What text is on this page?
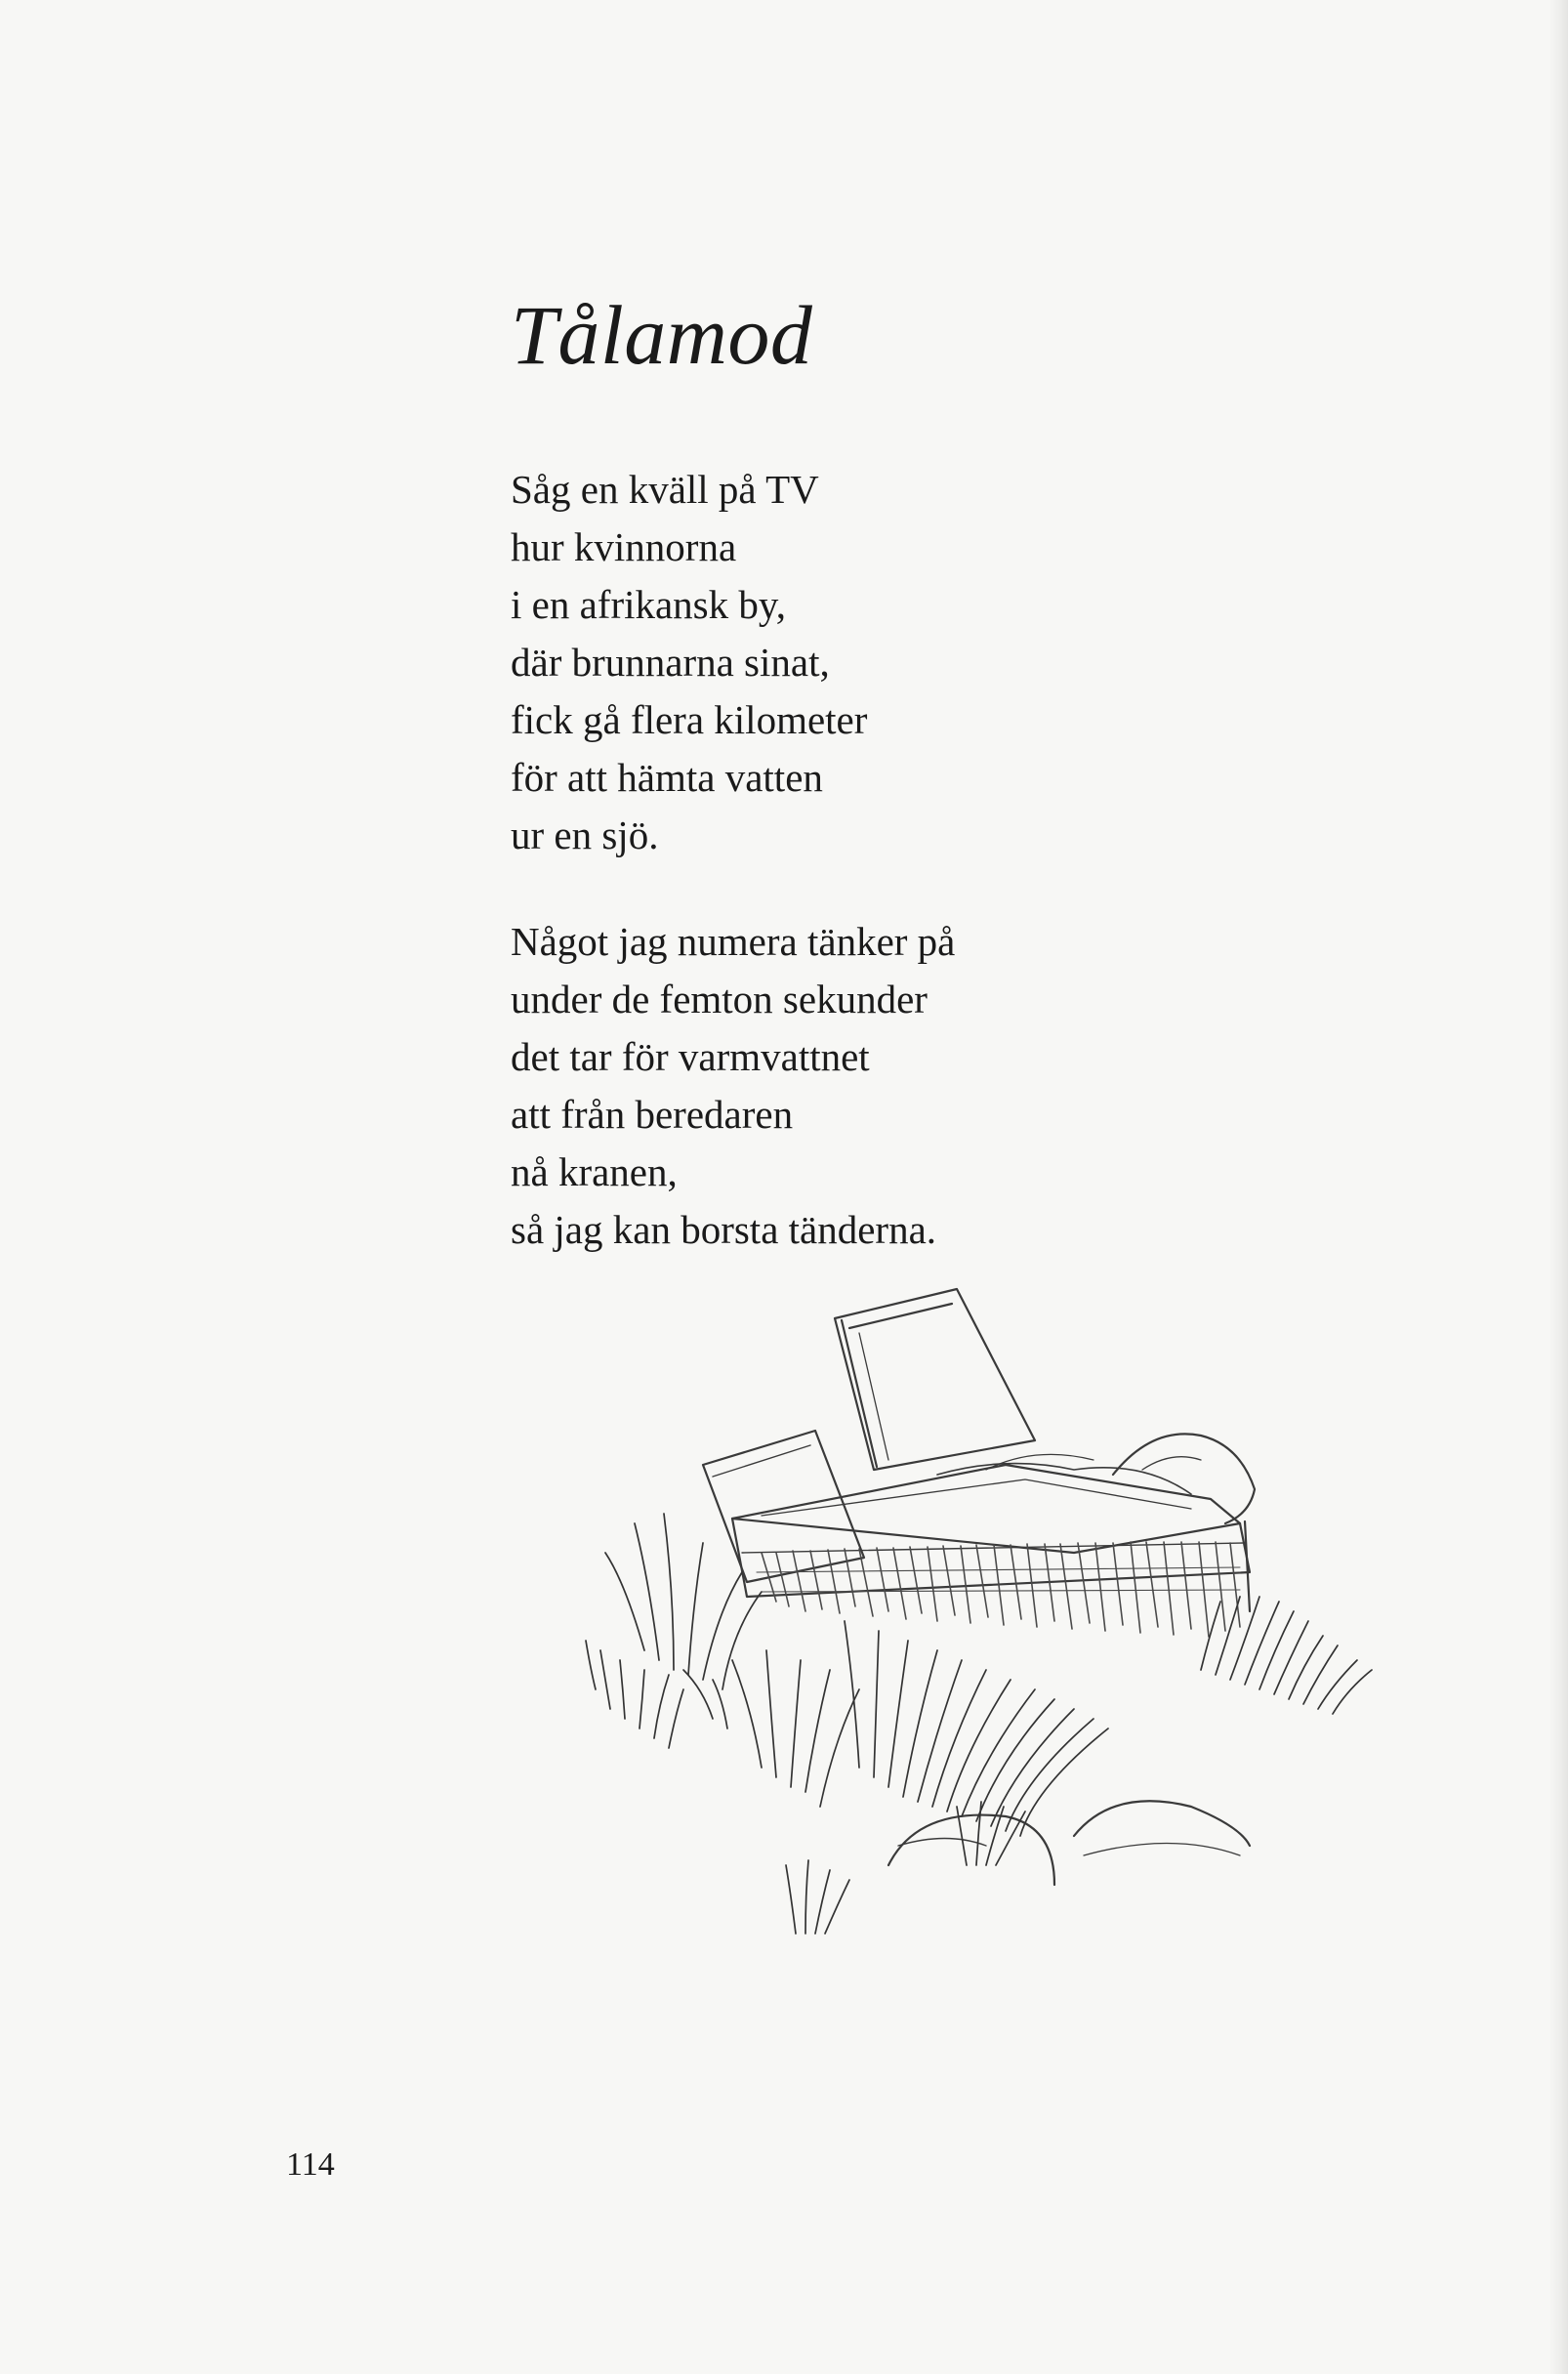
Tålamod
Såg en kväll på TV
hur kvinnorna
i en afrikansk by,
där brunnarna sinat,
fick gå flera kilometer
för att hämta vatten
ur en sjö.
Något jag numera tänker på
under de femton sekunder
det tar för varmvattnet
att från beredaren
nå kranen,
så jag kan borsta tänderna.
114
